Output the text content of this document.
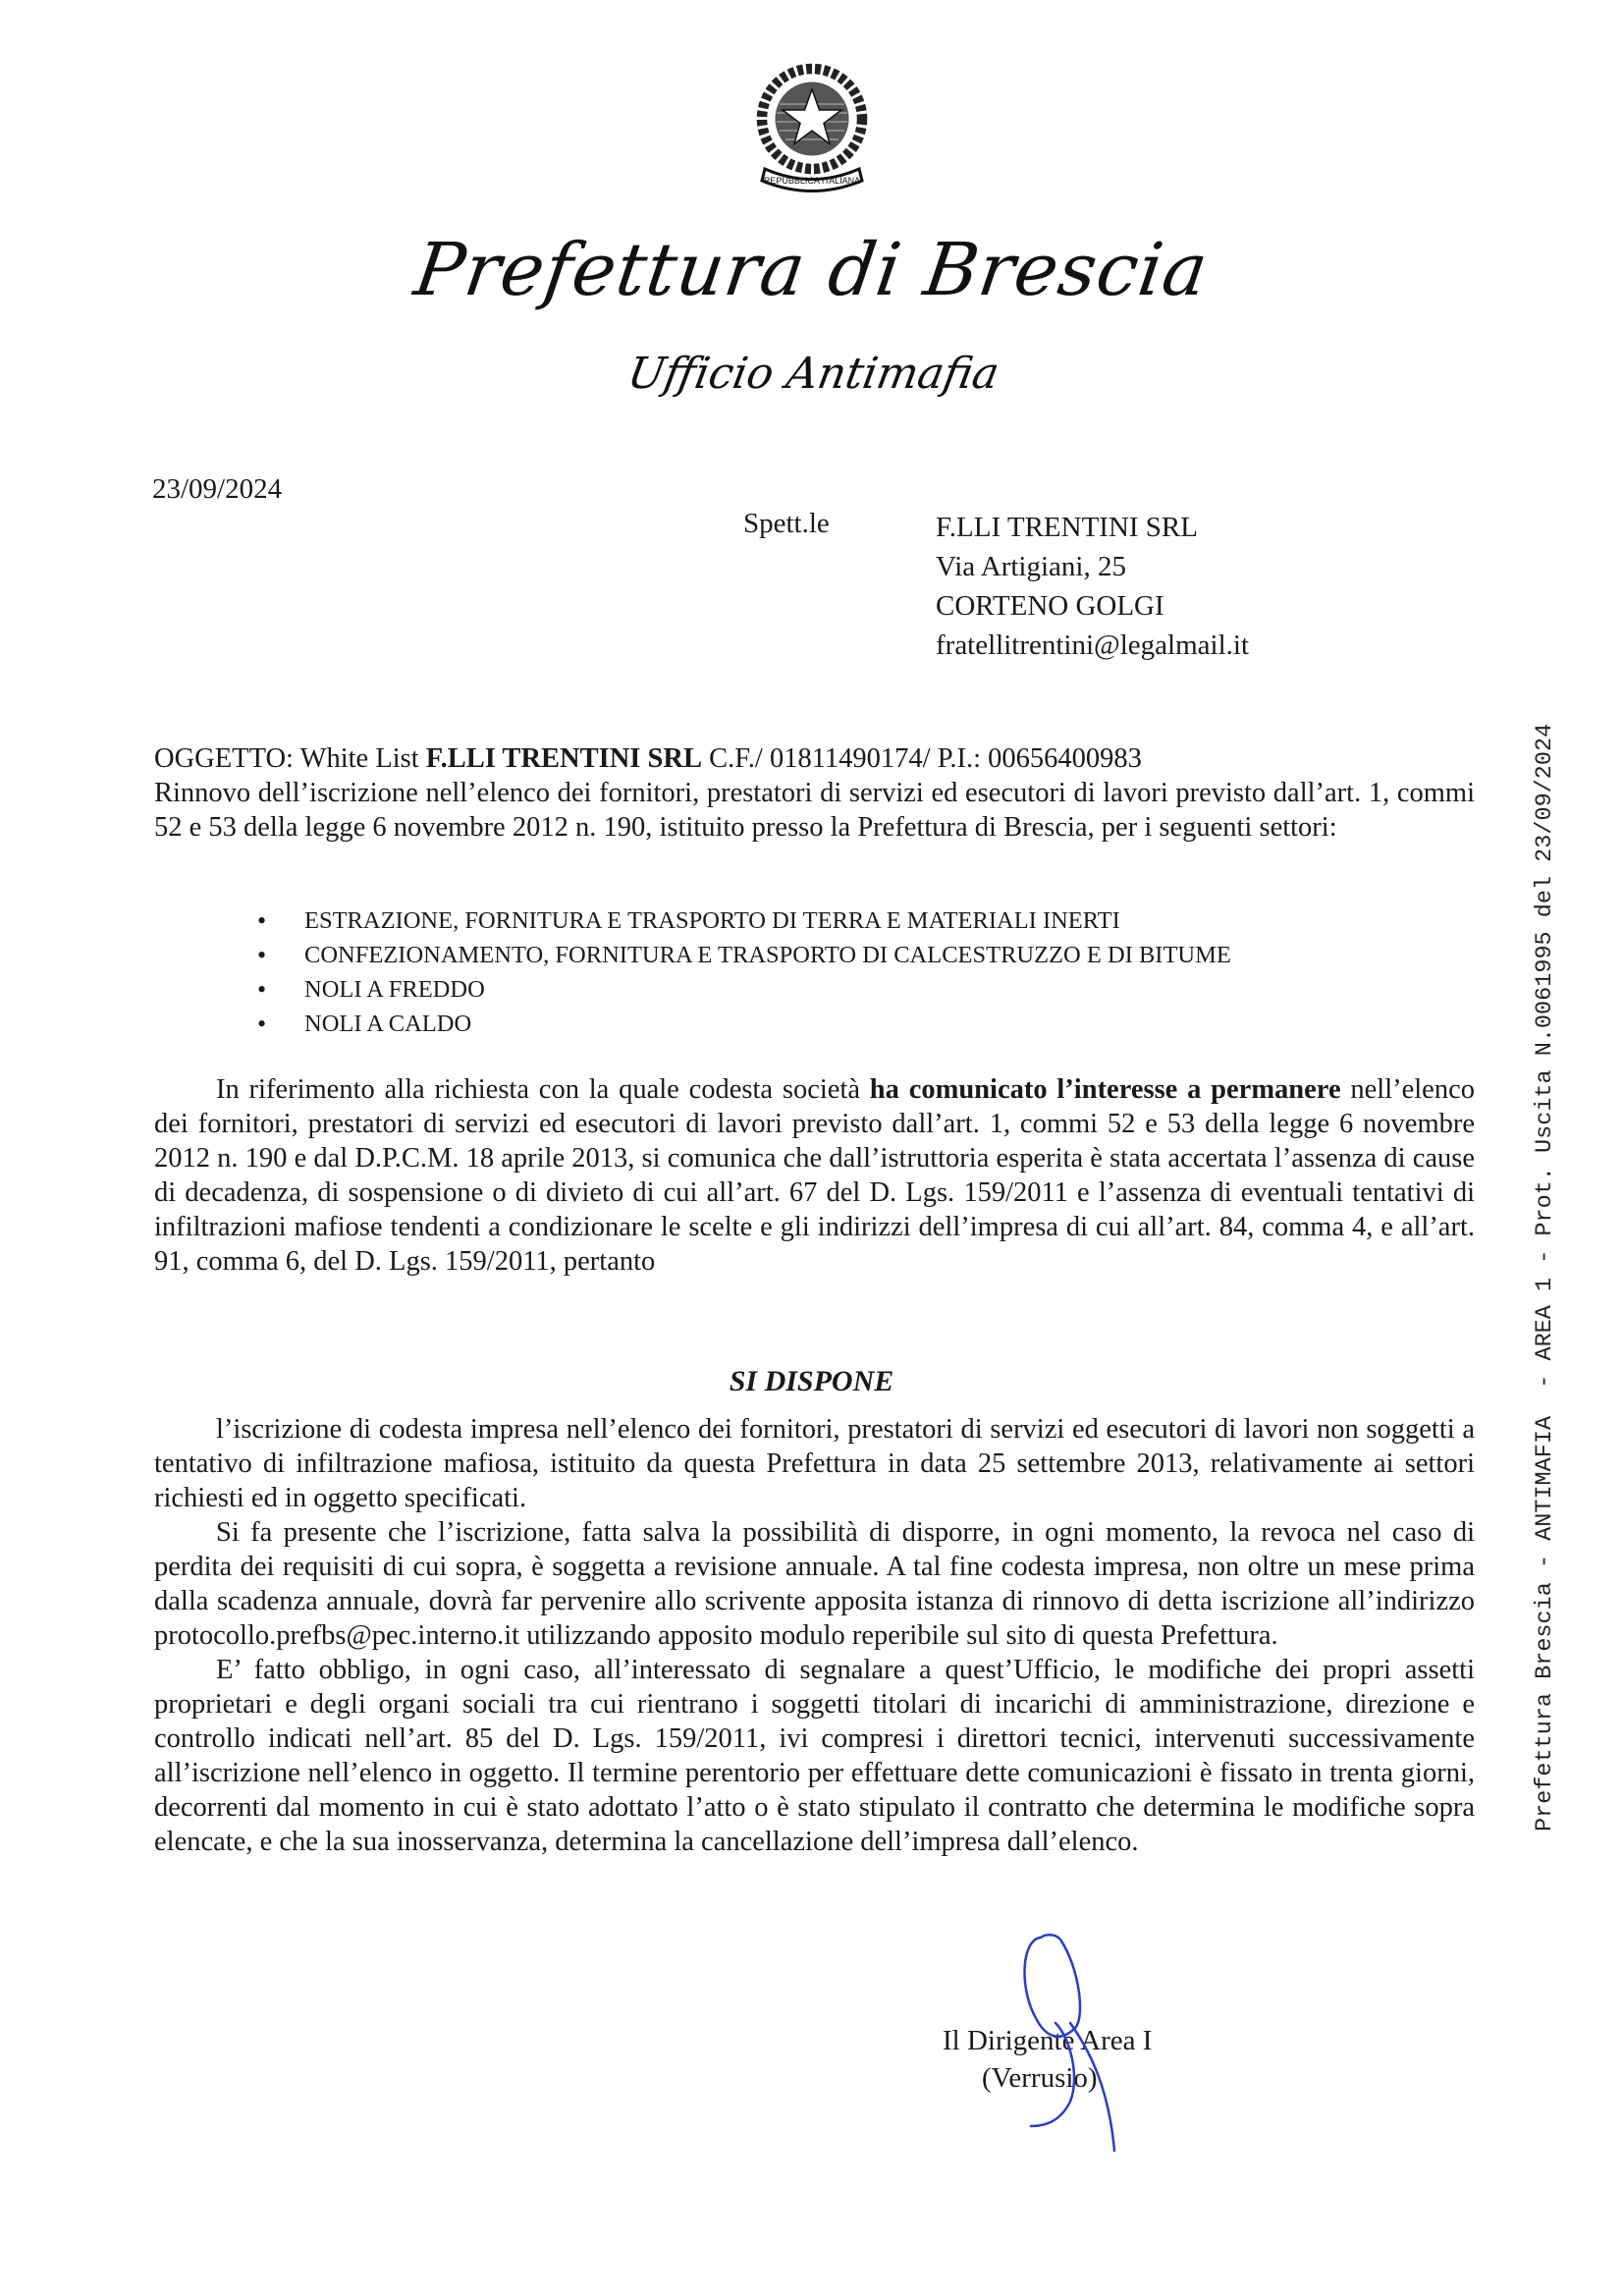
REPUBBLICA ITALIANA
Prefettura di Brescia
Ufficio Antimafia
23/09/2024
Spett.le	F.LLI TRENTINI SRL
Via Artigiani, 25
CORTENO GOLGI
fratellitrentini@legalmail.it
OGGETTO: White List F.LLI TRENTINI SRL C.F./ 01811490174/ P.I.: 00656400983
Rinnovo dell’iscrizione nell’elenco dei fornitori, prestatori di servizi ed esecutori di lavori previsto dall’art. 1, commi 52 e 53 della legge 6 novembre 2012 n. 190, istituito presso la Prefettura di Brescia, per i seguenti settori:
• ESTRAZIONE, FORNITURA E TRASPORTO DI TERRA E MATERIALI INERTI
• CONFEZIONAMENTO, FORNITURA E TRASPORTO DI CALCESTRUZZO E DI BITUME
• NOLI A FREDDO
• NOLI A CALDO

In riferimento alla richiesta con la quale codesta società ha comunicato l’interesse a permanere nell’elenco dei fornitori, prestatori di servizi ed esecutori di lavori previsto dall’art. 1, commi 52 e 53 della legge 6 novembre 2012 n. 190 e dal D.P.C.M. 18 aprile 2013, si comunica che dall’istruttoria esperita è stata accertata l’assenza di cause di decadenza, di sospensione o di divieto di cui all’art. 67 del D. Lgs. 159/2011 e l’assenza di eventuali tentativi di infiltrazioni mafiose tendenti a condizionare le scelte e gli indirizzi dell’impresa di cui all’art. 84, comma 4, e all’art. 91, comma 6, del D. Lgs. 159/2011, pertanto

SI DISPONE

l’iscrizione di codesta impresa nell’elenco dei fornitori, prestatori di servizi ed esecutori di lavori non soggetti a tentativo di infiltrazione mafiosa, istituito da questa Prefettura in data 25 settembre 2013, relativamente ai settori richiesti ed in oggetto specificati.

Si fa presente che l’iscrizione, fatta salva la possibilità di disporre, in ogni momento, la revoca nel caso di perdita dei requisiti di cui sopra, è soggetta a revisione annuale. A tal fine codesta impresa, non oltre un mese prima dalla scadenza annuale, dovrà far pervenire allo scrivente apposita istanza di rinnovo di detta iscrizione all’indirizzo protocollo.prefbs@pec.interno.it utilizzando apposito modulo reperibile sul sito di questa Prefettura.

E’ fatto obbligo, in ogni caso, all’interessato di segnalare a quest’Ufficio, le modifiche dei propri assetti proprietari e degli organi sociali tra cui rientrano i soggetti titolari di incarichi di amministrazione, direzione e controllo indicati nell’art. 85 del D. Lgs. 159/2011, ivi compresi i direttori tecnici, intervenuti successivamente all’iscrizione nell’elenco in oggetto. Il termine perentorio per effettuare dette comunicazioni è fissato in trenta giorni, decorrenti dal momento in cui è stato adottato l’atto o è stato stipulato il contratto che determina le modifiche sopra elencate, e che la sua inosservanza, determina la cancellazione dell’impresa dall’elenco.

Il Dirigente Area I
(Verrusio)
Prefettura Brescia - ANTIMAFIA  - AREA 1 - Prot. Uscita N.0061995 del 23/09/2024
